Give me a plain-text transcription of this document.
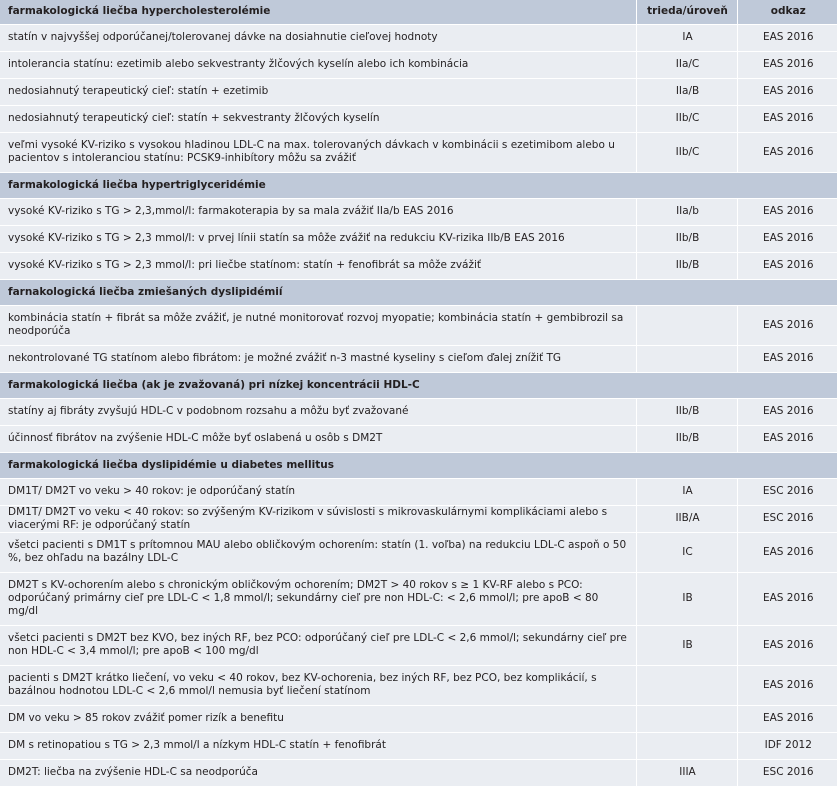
farmakologická liečba hypercholesterolémie	trieda/úroveň	odkaz
statín v najvyššej odporúčanej/tolerovanej dávke na dosiahnutie cieľovej hodnoty	IA	EAS 2016
intolerancia statínu: ezetimib alebo sekvestranty žlčových kyselín alebo ich kombinácia	IIa/C	EAS 2016
nedosiahnutý terapeutický cieľ: statín + ezetimib	IIa/B	EAS 2016
nedosiahnutý terapeutický cieľ: statín + sekvestranty žlčových kyselín	IIb/C	EAS 2016
veľmi vysoké KV-riziko s vysokou hladinou LDL-C na max. tolerovaných dávkach v kombinácii s ezetimibom alebo u pacientov s intoleranciou statínu: PCSK9-inhibítory môžu sa zvážiť	IIb/C	EAS 2016
farmakologická liečba hypertriglyceridémie		
vysoké KV-riziko s TG > 2,3,mmol/l: farmakoterapia by sa mala zvážiť IIa/b EAS 2016	IIa/b	EAS 2016
vysoké KV-riziko s TG > 2,3 mmol/l: v prvej línii statín sa môže zvážiť na redukciu KV-rizika IIb/B EAS 2016	IIb/B	EAS 2016
vysoké KV-riziko s TG > 2,3 mmol/l: pri liečbe statínom: statín + fenofibrát sa môže zvážiť	IIb/B	EAS 2016
farnakologická liečba zmiešaných dyslipidémií		
kombinácia statín + fibrát sa môže zvážiť, je nutné monitorovať rozvoj myopatie; kombinácia statín + gembibrozil sa neodporúča		EAS 2016
nekontrolované TG statínom alebo fibrátom: je možné zvážiť n-3 mastné kyseliny s cieľom ďalej znížiť TG		EAS 2016
farmakologická liečba (ak je zvažovaná) pri nízkej koncentrácii HDL-C		
statíny aj fibráty zvyšujú HDL-C v podobnom rozsahu a môžu byť zvažované	IIb/B	EAS 2016
účinnosť fibrátov na zvýšenie HDL-C môže byť oslabená u osôb s DM2T	IIb/B	EAS 2016
farmakologická liečba dyslipidémie u diabetes mellitus		
DM1T/ DM2T vo veku > 40 rokov: je odporúčaný statín	IA	ESC 2016
DM1T/ DM2T vo veku < 40 rokov: so zvýšeným KV-rizikom v súvislosti s mikrovaskulárnymi komplikáciami alebo s viacerými RF: je odporúčaný statín	IIB/A	ESC 2016
všetci pacienti s DM1T s prítomnou MAU alebo obličkovým ochorením: statín (1. voľba) na redukciu LDL-C aspoň o 50 %, bez ohľadu na bazálny LDL-C	IC	EAS 2016
DM2T s KV-ochorením alebo s chronickým obličkovým ochorením; DM2T > 40 rokov s ≥ 1 KV-RF alebo s PCO: odporúčaný primárny cieľ pre LDL-C < 1,8 mmol/l; sekundárny cieľ pre non HDL-C: < 2,6 mmol/l; pre apoB < 80 mg/dl	IB	EAS 2016
všetci pacienti s DM2T bez KVO, bez iných RF, bez PCO: odporúčaný cieľ pre LDL-C < 2,6 mmol/l; sekundárny cieľ pre non HDL-C < 3,4 mmol/l; pre apoB < 100 mg/dl	IB	EAS 2016
pacienti s DM2T krátko liečení, vo veku < 40 rokov, bez KV-ochorenia, bez iných RF, bez PCO, bez komplikácií, s bazálnou hodnotou LDL-C < 2,6 mmol/l nemusia byť liečení statínom		EAS 2016
DM vo veku > 85 rokov zvážiť pomer rizík a benefitu		EAS 2016
DM s retinopatiou s TG > 2,3 mmol/l a nízkym HDL-C statín + fenofibrát		IDF 2012
DM2T: liečba na zvýšenie HDL-C sa neodporúča	IIIA	ESC 2016
